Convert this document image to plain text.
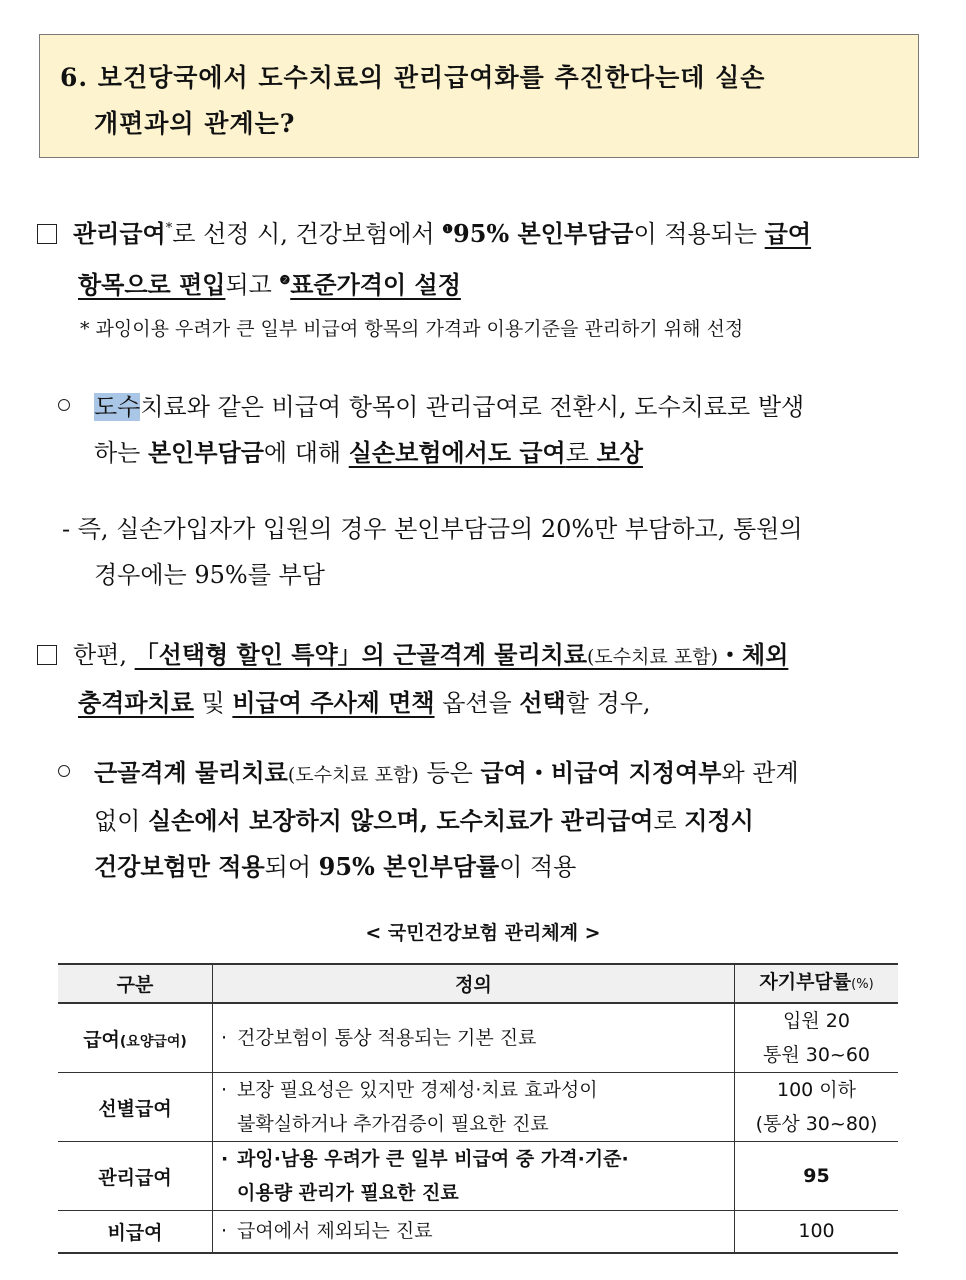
6. 보건당국에서 도수치료의 관리급여화를 추진한다는데 실손
개편과의 관계는?
관리급여*로 선정 시, 건강보험에서 $^❶$95% 본인부담금이 적용되는 급여
항목으로 편입되고 $^❷$표준가격이 설정
* 과잉이용 우려가 큰 일부 비급여 항목의 가격과 이용기준을 관리하기 위해 선정
도수치료와 같은 비급여 항목이 관리급여로 전환시, 도수치료로 발생
하는 본인부담금에 대해 실손보험에서도 급여로 보상
- 즉, 실손가입자가 입원의 경우 본인부담금의 20%만 부담하고, 통원의
경우에는 95%를 부담
한편, 「선택형 할인 특약」의 근골격계 물리치료(도수치료 포함)・체외
충격파치료 및 비급여 주사제 면책 옵션을 선택할 경우,
근골격계 물리치료(도수치료 포함) 등은 급여・비급여 지정여부와 관계
없이 실손에서 보장하지 않으며, 도수치료가 관리급여로 지정시
건강보험만 적용되어 95% 본인부담률이 적용
< 국민건강보험 관리체계 >
구분	정의	자기부담률(%)
급여(요양급여)	· 건강보험이 통상 적용되는 기본 진료	입원 20
통원 30~60
선별급여	· 보장 필요성은 있지만 경제성·치료 효과성이
불확실하거나 추가검증이 필요한 진료	100 이하
(통상 30~80)
관리급여	· 과잉·남용 우려가 큰 일부 비급여 중 가격·기준·
이용량 관리가 필요한 진료	95
비급여	· 급여에서 제외되는 진료	100
